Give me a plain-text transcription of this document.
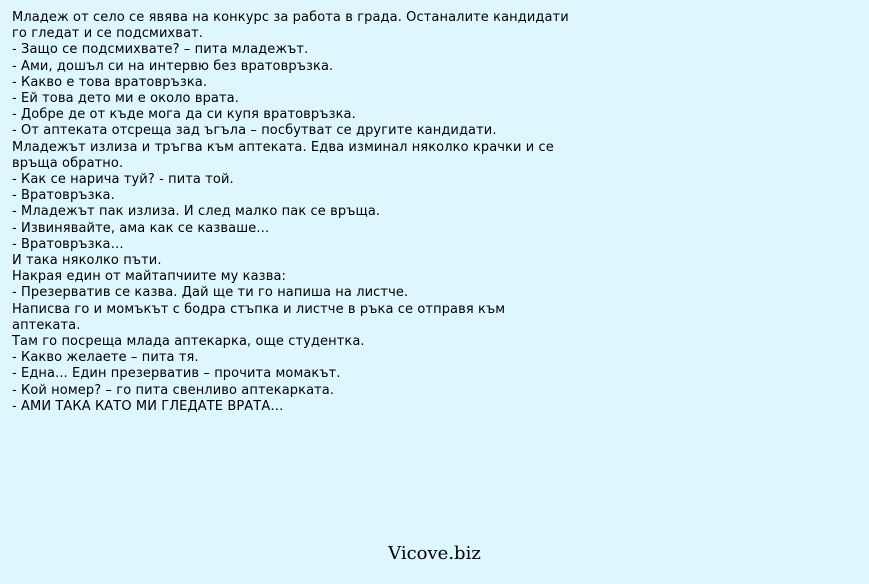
Младеж от село се явява на конкурс за работа в града. Останалите кандидати го гледат и се подсмихват.
- Защо се подсмихвате? – пита младежът.
- Ами, дошъл си на интервю без вратовръзка.
- Какво е това вратовръзка.
- Ей това дето ми е около врата.
- Добре де от къде мога да си купя вратовръзка.
- От аптеката отсреща зад ъгъла – посбутват се другите кандидати.
Младежът излиза и тръгва към аптеката. Едва изминал няколко крачки и се връща обратно.
- Как се нарича туй? - пита той.
- Вратовръзка.
- Младежът пак излиза. И след малко пак се връща.
- Извинявайте, ама как се казваше…
- Вратовръзка…
И така няколко пъти.
Накрая един от майтапчиите му казва:
- Презерватив се казва. Дай ще ти го напиша на листче.
Написва го и момъкът с бодра стъпка и листче в ръка се отправя към аптеката.
Там го посреща млада аптекарка, още студентка.
- Какво желаете – пита тя.
- Една... Един презерватив – прочита момакът.
- Кой номер? – го пита свенливо аптекарката.
- АМИ ТАКА КАТО МИ ГЛЕДАТЕ ВРАТА…
Vicove.biz
